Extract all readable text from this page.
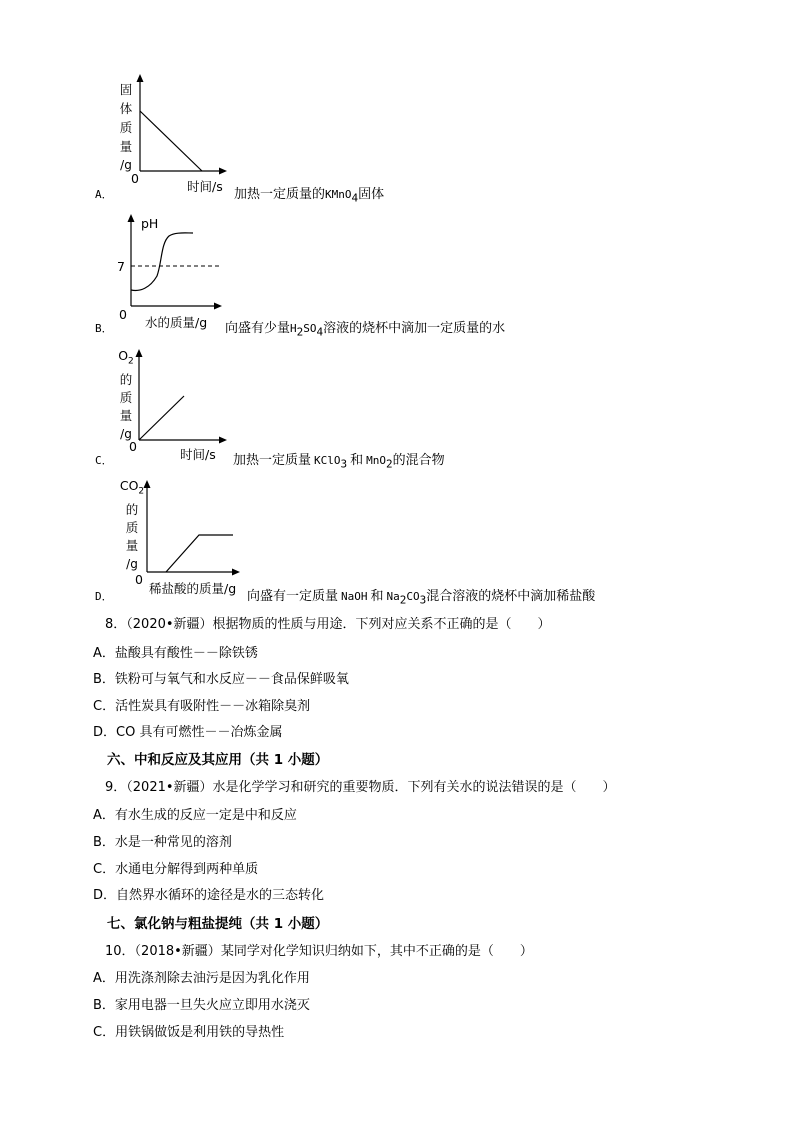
固
体
质
量
/g
0
时间/s
A．	加热一定质量的KMnO$_4$固体
pH
7
0
水的质量/g
B．	向盛有少量$H_2SO_4$溶液的烧杯中滴加一定质量的水
$O_2$
的
质
量
/g
0
时间/s
C．	加热一定质量 KClO$_3$ 和 MnO$_2$的混合物
$CO_2$
的
质
量
/g
0
稀盐酸的质量/g
D．	向盛有一定质量 NaOH 和 $Na_2CO_3$混合溶液的烧杯中滴加稀盐酸
8．（2020•新疆）根据物质的性质与用途．下列对应关系不正确的是（　　）
A．盐酸具有酸性－－除铁锈
B．铁粉可与氧气和水反应－－食品保鲜吸氧
C．活性炭具有吸附性－－冰箱除臭剂
D．CO 具有可燃性－－冶炼金属
六、中和反应及其应用（共 1 小题）
9．（2021•新疆）水是化学学习和研究的重要物质．下列有关水的说法错误的是（　　）
A．有水生成的反应一定是中和反应
B．水是一种常见的溶剂
C．水通电分解得到两种单质
D．自然界水循环的途径是水的三态转化
七、氯化钠与粗盐提纯（共 1 小题）
10．（2018•新疆）某同学对化学知识归纳如下，其中不正确的是（　　）
A．用洗涤剂除去油污是因为乳化作用
B．家用电器一旦失火应立即用水浇灭
C．用铁锅做饭是利用铁的导热性
